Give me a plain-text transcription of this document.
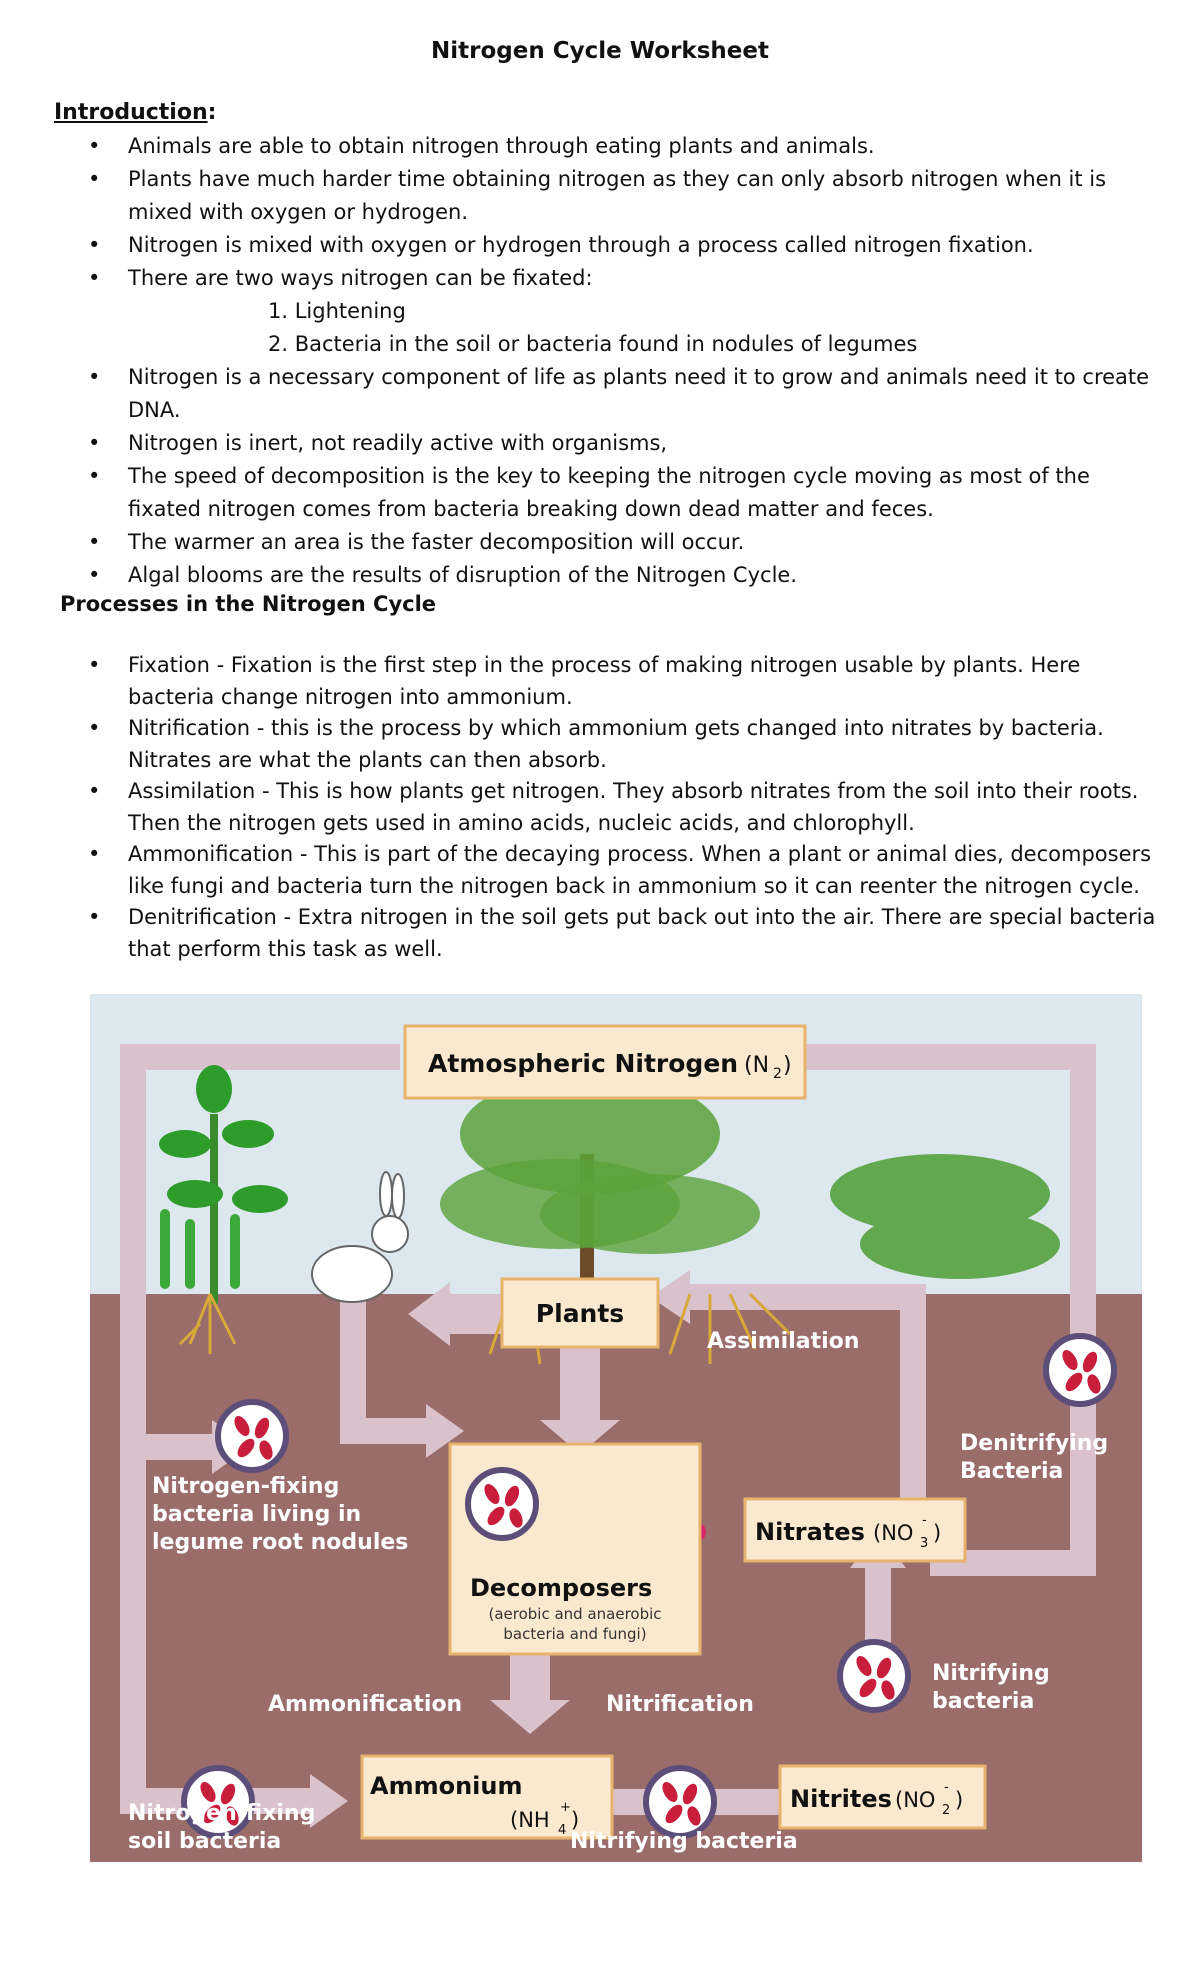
Nitrogen Cycle Worksheet
Introduction:
• Animals are able to obtain nitrogen through eating plants and animals.
• Plants have much harder time obtaining nitrogen as they can only absorb nitrogen when it is mixed with oxygen or hydrogen.
• Nitrogen is mixed with oxygen or hydrogen through a process called nitrogen fixation.
• There are two ways nitrogen can be fixated:
• Nitrogen is a necessary component of life as plants need it to grow and animals need it to create DNA.
• Nitrogen is inert, not readily active with organisms,
• The speed of decomposition is the key to keeping the nitrogen cycle moving as most of the fixated nitrogen comes from bacteria breaking down dead matter and feces.
• The warmer an area is the faster decomposition will occur.
• Algal blooms are the results of disruption of the Nitrogen Cycle.
1. Lightening
2. Bacteria in the soil or bacteria found in nodules of legumes
Processes in the Nitrogen Cycle
• Fixation - Fixation is the first step in the process of making nitrogen usable by plants. Here bacteria change nitrogen into ammonium.
• Nitrification - this is the process by which ammonium gets changed into nitrates by bacteria. Nitrates are what the plants can then absorb.
• Assimilation - This is how plants get nitrogen. They absorb nitrates from the soil into their roots. Then the nitrogen gets used in amino acids, nucleic acids, and chlorophyll.
• Ammonification - This is part of the decaying process. When a plant or animal dies, decomposers like fungi and bacteria turn the nitrogen back in ammonium so it can reenter the nitrogen cycle.
• Denitrification - Extra nitrogen in the soil gets put back out into the air. There are special bacteria that perform this task as well.
Atmospheric Nitrogen (N 2 )
Plants
Decomposers
(aerobic and anaerobic
bacteria and fungi)
Nitrates (NO 3
-
)
Ammonium
(NH 4
+
)
Nitrites (NO 2
-
)
Assimilation
Denitrifying
Bacteria
Nitrogen-fixing
bacteria living in
legume root nodules
Nitrifying
bacteria
Ammonification	Nitrification
Nitrogen-fixing
soil bacteria	Nitrifying bacteria
